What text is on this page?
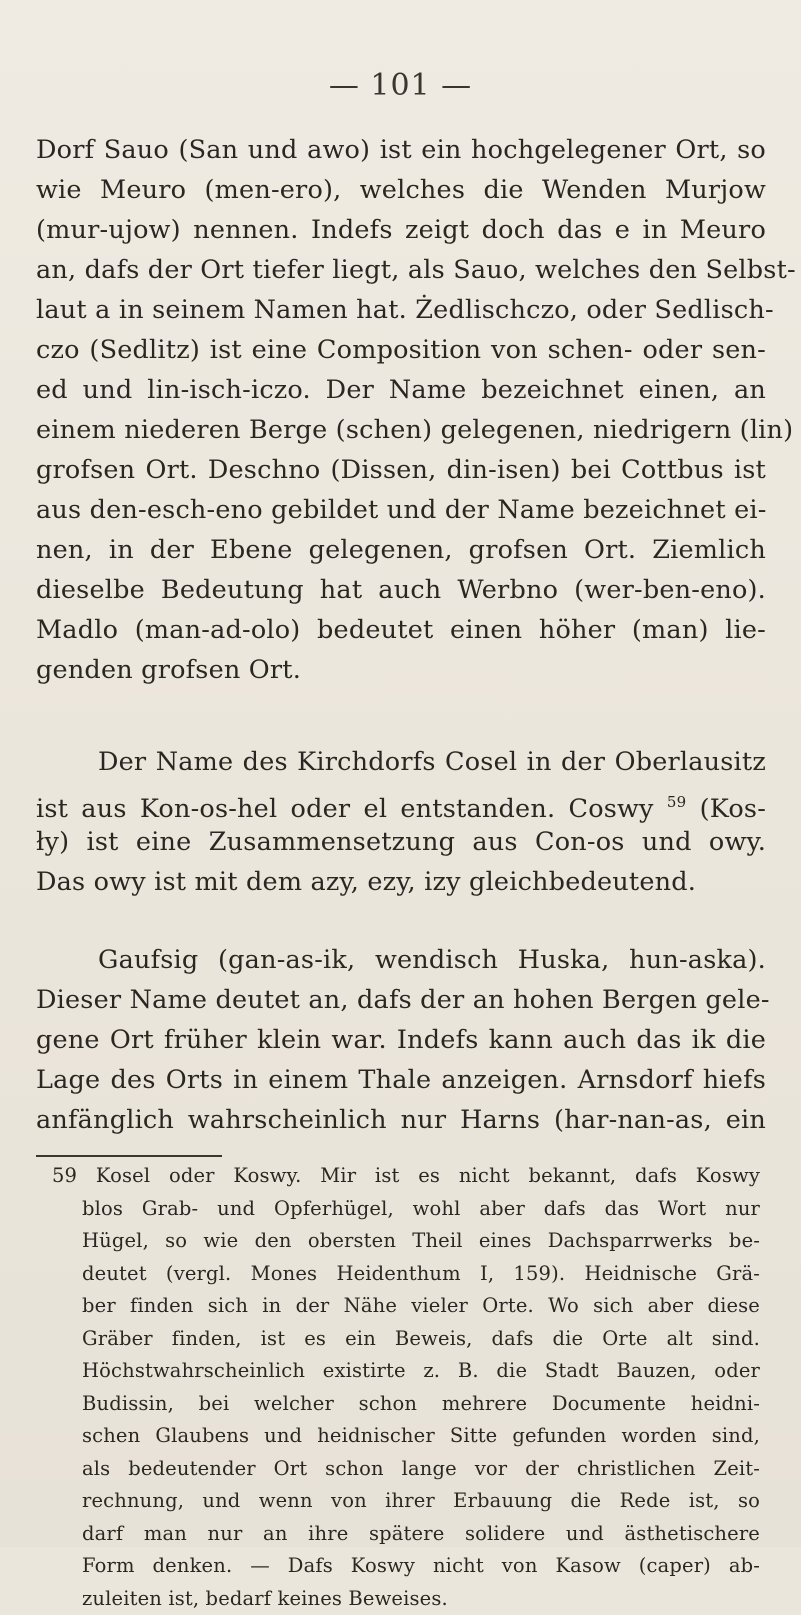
— 101 —
Dorf Sauo (San und awo) ist ein hochgelegener Ort, so
wie Meuro (men-ero), welches die Wenden Murjow
(mur-ujow) nennen. Indefs zeigt doch das e in Meuro
an, dafs der Ort tiefer liegt, als Sauo, welches den Selbst-
laut a in seinem Namen hat. Żedlischczo, oder Sedlisch-
czo (Sedlitz) ist eine Composition von schen- oder sen-
ed und lin-isch-iczo. Der Name bezeichnet einen, an
einem niederen Berge (schen) gelegenen, niedrigern (lin)
grofsen Ort. Deschno (Dissen, din-isen) bei Cottbus ist
aus den-esch-eno gebildet und der Name bezeichnet ei-
nen, in der Ebene gelegenen, grofsen Ort. Ziemlich
dieselbe Bedeutung hat auch Werbno (wer-ben-eno).
Madlo (man-ad-olo) bedeutet einen höher (man) lie-
genden grofsen Ort.
Der Name des Kirchdorfs Cosel in der Oberlausitz
ist aus Kon-os-hel oder el entstanden. Coswy $^{59}$ (Kos-
ły) ist eine Zusammensetzung aus Con-os und owy.
Das owy ist mit dem azy, ezy, izy gleichbedeutend.
Gaufsig (gan-as-ik, wendisch Huska, hun-aska).
Dieser Name deutet an, dafs der an hohen Bergen gele-
gene Ort früher klein war. Indefs kann auch das ik die
Lage des Orts in einem Thale anzeigen. Arnsdorf hiefs
anfänglich wahrscheinlich nur Harns (har-nan-as, ein
59 Kosel oder Koswy. Mir ist es nicht bekannt, dafs Koswy
blos Grab- und Opferhügel, wohl aber dafs das Wort nur
Hügel, so wie den obersten Theil eines Dachsparrwerks be-
deutet (vergl. Mones Heidenthum I, 159). Heidnische Grä-
ber finden sich in der Nähe vieler Orte. Wo sich aber diese
Gräber finden, ist es ein Beweis, dafs die Orte alt sind.
Höchstwahrscheinlich existirte z. B. die Stadt Bauzen, oder
Budissin, bei welcher schon mehrere Documente heidni-
schen Glaubens und heidnischer Sitte gefunden worden sind,
als bedeutender Ort schon lange vor der christlichen Zeit-
rechnung, und wenn von ihrer Erbauung die Rede ist, so
darf man nur an ihre spätere solidere und ästhetischere
Form denken. — Dafs Koswy nicht von Kasow (caper) ab-
zuleiten ist, bedarf keines Beweises.
